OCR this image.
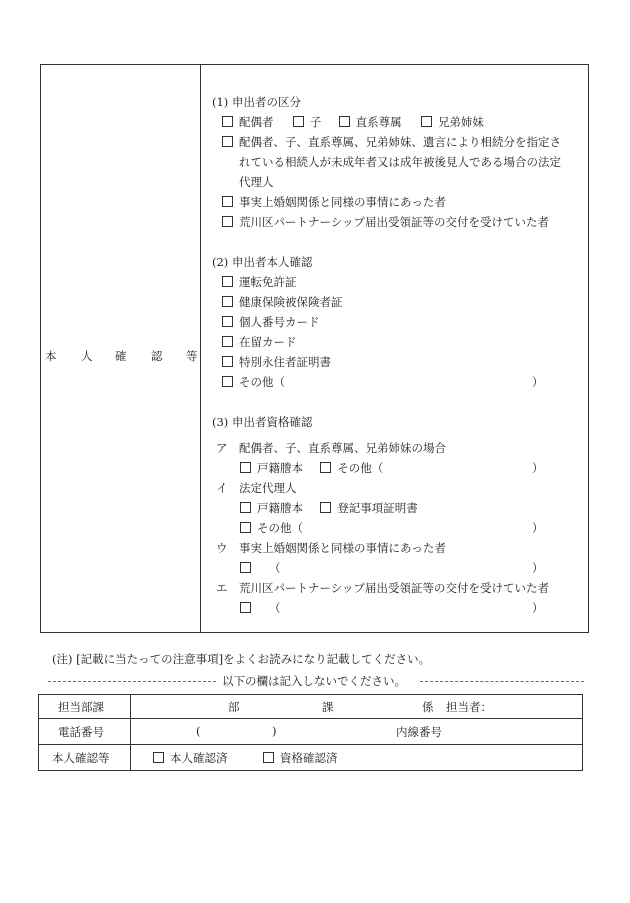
本 人 確 認 等
(1) 申出者の区分
配偶者	子	直系尊属	兄弟姉妹
配偶者、子、直系尊属、兄弟姉妹、遺言により相続分を指定さ
れている相続人が未成年者又は成年被後見人である場合の法定
代理人
事実上婚姻関係と同様の事情にあった者
荒川区パートナーシップ届出受領証等の交付を受けていた者
(2) 申出者本人確認
運転免許証
健康保険被保険者証
個人番号カード
在留カード
特別永住者証明書
その他（	）
(3) 申出者資格確認
ア 配偶者、子、直系尊属、兄弟姉妹の場合
戸籍謄本	その他（	）
イ 法定代理人
戸籍謄本	登記事項証明書
その他（	）
ウ 事実上婚姻関係と同様の事情にあった者
（	）
エ 荒川区パートナーシップ届出受領証等の交付を受けていた者
（	）
(注) [記載に当たっての注意事項]をよくお読みになり記載してください。
以下の欄は記入しないでください。
担当部課	部	課	係 担当者：
電話番号	(	)	内線番号
本人確認等	本人確認済	資格確認済
